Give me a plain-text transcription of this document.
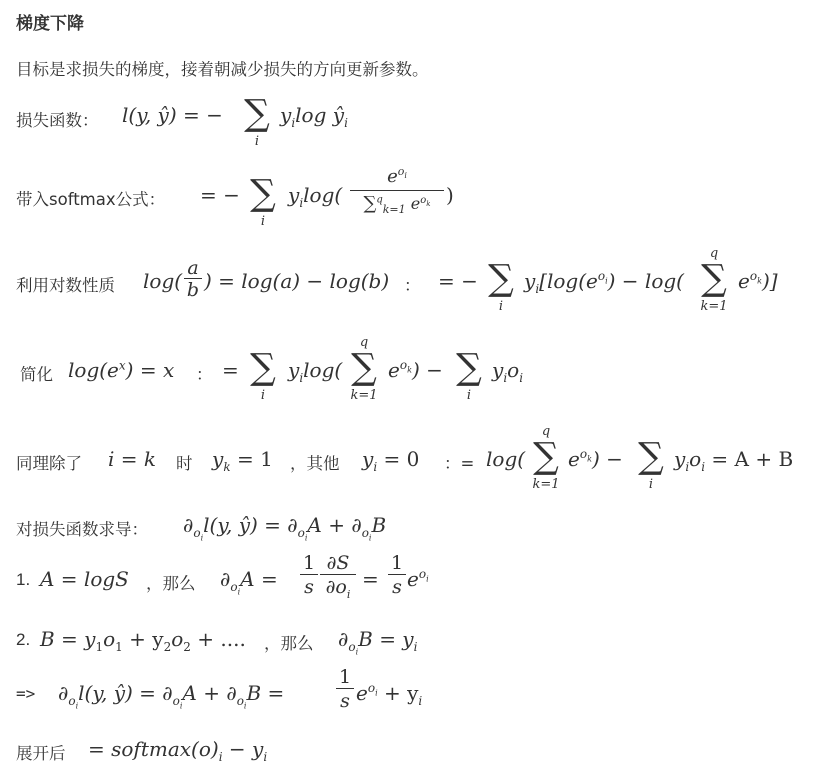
梯度下降
目标是求损失的梯度，接着朝减少损失的方向更新参数。
损失函数： l(y, ŷ) = − ∑
i
$y_i\log$ $ŷ_i$
带入softmax公式： = − ∑
i
$y_i\log$(
$e^{o_i}$
∑$^q_{k=1}$ $e^{o_k}$ )
利用对数性质 $\log( \frac{a}{b}$ ) = log(a) − log(b) ： = − ∑
i
$y_i[\log(e^{o_i}) - \log$(
q
∑
k=1
$e^{o_k}$)]
简化 $\log(e^x) = x$ ： = ∑
i
$y_i\log$(
q
∑
k=1
$e^{o_k}$) − ∑
i
$y_io_i$
同理除了 i = k 时 $y_k = 1$ ，其他 $y_i = 0$ ：= log(
q
∑
k=1
$e^{o_k}$) − ∑
i
$y_io_i = A + B$
对损失函数求导： $\partial_{o_i}l(y$, ŷ) = $\partial_{o_i}A + \partial_{o_i}B$
1. A = logS ，那么 $\partial_{o_i}A = \frac{1}{s} \frac{\partial S}{\partial o_i} = \frac{1}{s} e^{o_i}$
2. $B = y_1o_1 + y_2o_2$ + .... ，那么 $\partial_{o_i}B = y_i$
=> $\partial_{o_i}l(y$, ŷ) = $\partial_{o_i}A + \partial_{o_i}B$ =	$\frac{1}{s} e^{o_i} + y_i$
展开后 = $softmax(o)_i - y_i$
